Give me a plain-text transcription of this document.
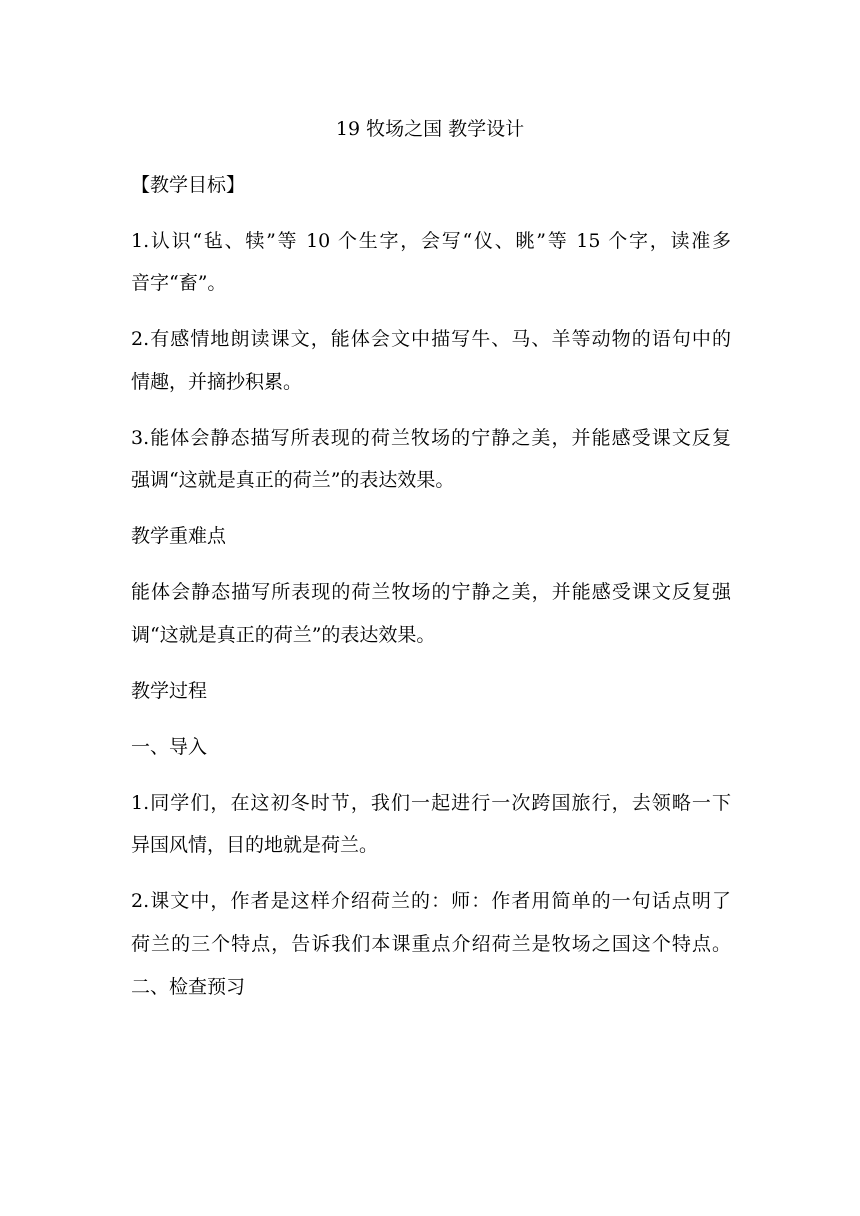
19 牧场之国 教学设计
【教学目标】
1.认识“毡、犊”等 10 个生字，会写“仪、眺”等 15 个字，读准多
音字“畜”。
2.有感情地朗读课文，能体会文中描写牛、马、羊等动物的语句中的
情趣，并摘抄积累。
3.能体会静态描写所表现的荷兰牧场的宁静之美，并能感受课文反复
强调“这就是真正的荷兰”的表达效果。
教学重难点
能体会静态描写所表现的荷兰牧场的宁静之美，并能感受课文反复强
调“这就是真正的荷兰”的表达效果。
教学过程
一、导入
1.同学们，在这初冬时节，我们一起进行一次跨国旅行，去领略一下
异国风情，目的地就是荷兰。
2.课文中，作者是这样介绍荷兰的：师：作者用简单的一句话点明了
荷兰的三个特点，告诉我们本课重点介绍荷兰是牧场之国这个特点。
二、检查预习
